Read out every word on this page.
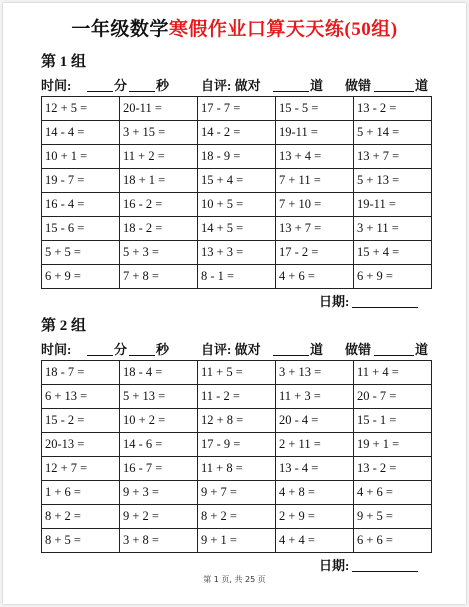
一年级数学寒假作业口算天天练(50组)
第 1 组
时间:	分 秒 自评: 做对	道 做错	道
12 + 5 =	20-11 =	17 - 7 =	15 - 5 =	13 - 2 =
14 - 4 =	3 + 15 =	14 - 2 =	19-11 =	5 + 14 =
10 + 1 =	11 + 2 =	18 - 9 =	13 + 4 =	13 + 7 =
19 - 7 =	18 + 1 =	15 + 4 =	7 + 11 =	5 + 13 =
16 - 4 =	16 - 2 =	10 + 5 =	7 + 10 =	19-11 =
15 - 6 =	18 - 2 =	14 + 5 =	13 + 7 =	3 + 11 =
5 + 5 =	5 + 3 =	13 + 3 =	17 - 2 =	15 + 4 =
6 + 9 =	7 + 8 =	8 - 1 =	4 + 6 =	6 + 9 =
日期:
第 2 组
时间:	分 秒 自评: 做对	道 做错	道
18 - 7 =	18 - 4 =	11 + 5 =	3 + 13 =	11 + 4 =
6 + 13 =	5 + 13 =	11 - 2 =	11 + 3 =	20 - 7 =
15 - 2 =	10 + 2 =	12 + 8 =	20 - 4 =	15 - 1 =
20-13 =	14 - 6 =	17 - 9 =	2 + 11 =	19 + 1 =
12 + 7 =	16 - 7 =	11 + 8 =	13 - 4 =	13 - 2 =
1 + 6 =	9 + 3 =	9 + 7 =	4 + 8 =	4 + 6 =
8 + 2 =	9 + 2 =	8 + 2 =	2 + 9 =	9 + 5 =
8 + 5 =	3 + 8 =	9 + 1 =	4 + 4 =	6 + 6 =
日期:
第 1 页, 共 25 页
